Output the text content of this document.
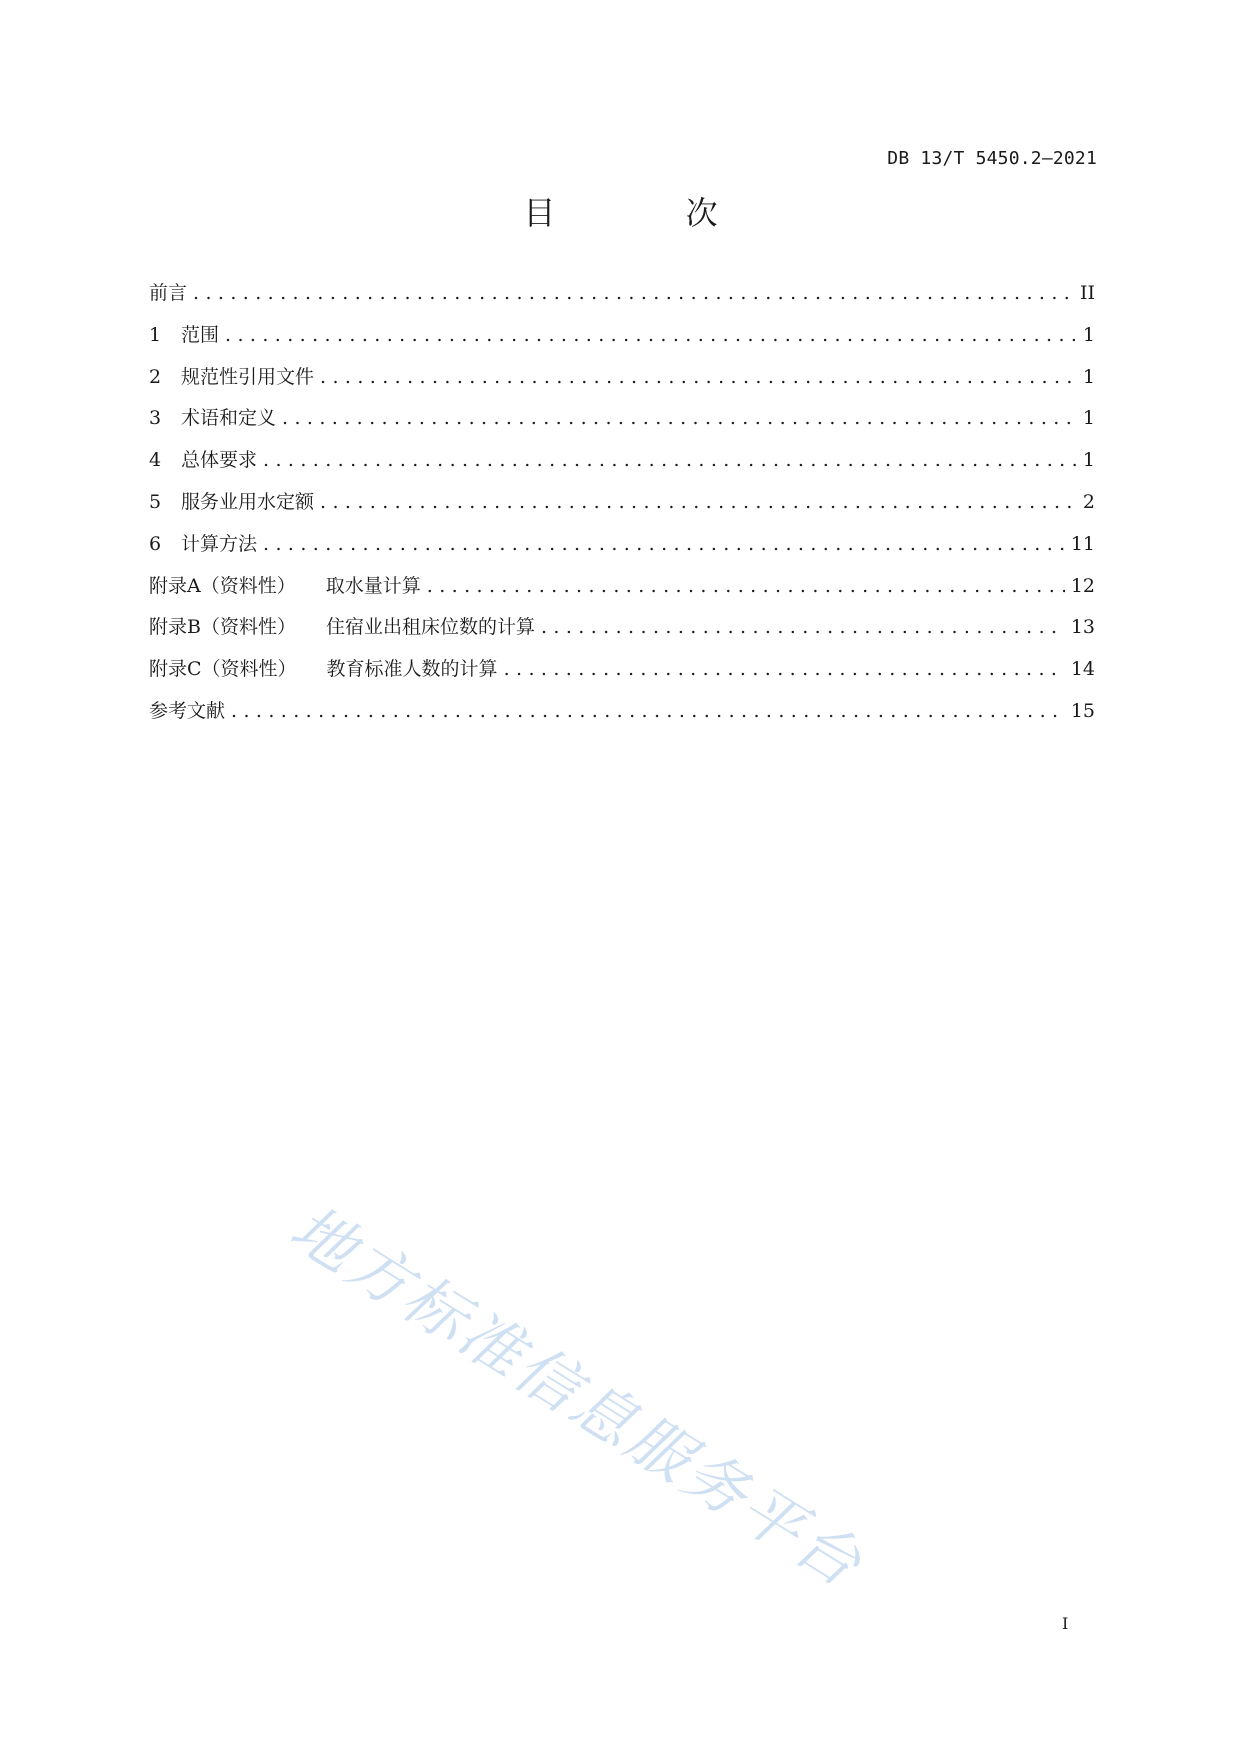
DB 13/T 5450.2—2021
目 次
前言 .....	II
1	范围 .....	1
2	规范性引用文件 .....	1
3	术语和定义 .....	1
4	总体要求 .....	1
5	服务业用水定额 .....	2
6	计算方法 .....	11
附录A（资料性） 取水量计算 .....	12
附录B（资料性） 住宿业出租床位数的计算 .....	13
附录C（资料性） 教育标准人数的计算 .....	14
参考文献 .....	15
地方标准信息服务平台
I
